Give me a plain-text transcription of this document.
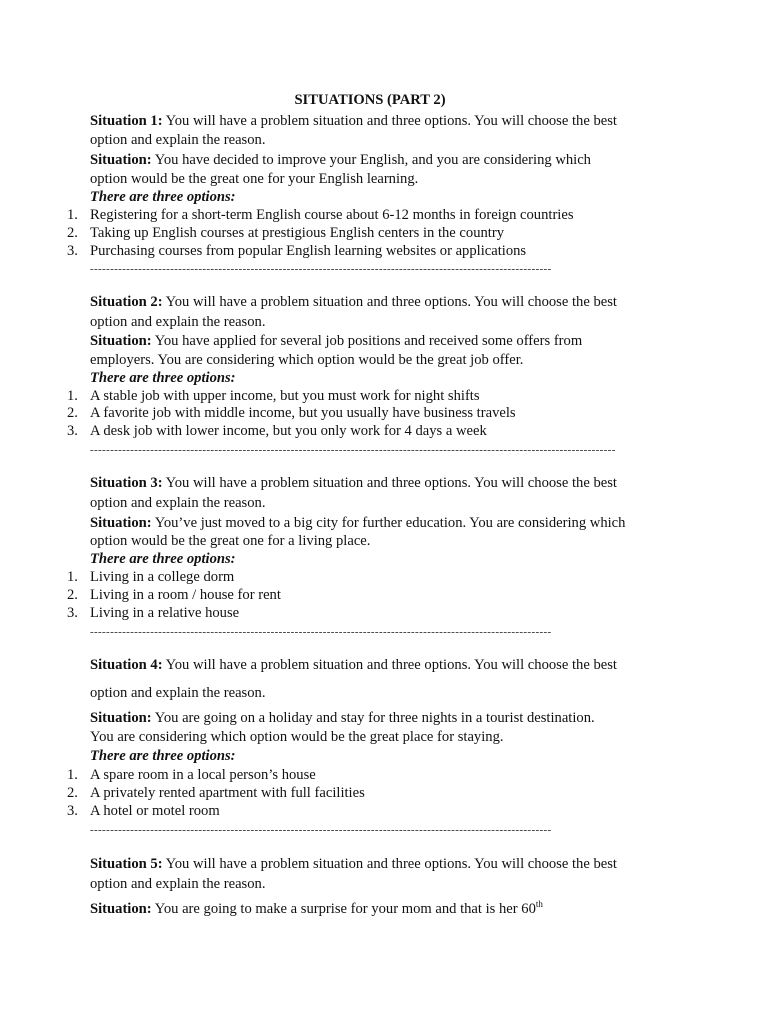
SITUATIONS (PART 2)
Situation 1: You will have a problem situation and three options. You will choose the best
option and explain the reason.
Situation: You have decided to improve your English, and you are considering which
option would be the great one for your English learning.
There are three options:
1. Registering for a short-term English course about 6-12 months in foreign countries
2. Taking up English courses at prestigious English centers in the country
3. Purchasing courses from popular English learning websites or applications
-------------------------------------------------------------------------------------------------------------------
Situation 2: You will have a problem situation and three options. You will choose the best
option and explain the reason.
Situation: You have applied for several job positions and received some offers from
employers. You are considering which option would be the great job offer.
There are three options:
1. A stable job with upper income, but you must work for night shifts
2. A favorite job with middle income, but you usually have business travels
3. A desk job with lower income, but you only work for 4 days a week
-----------------------------------------------------------------------------------------------------------------------------------
Situation 3: You will have a problem situation and three options. You will choose the best
option and explain the reason.
Situation: You’ve just moved to a big city for further education. You are considering which
option would be the great one for a living place.
There are three options:
1. Living in a college dorm
2. Living in a room / house for rent
3. Living in a relative house
-------------------------------------------------------------------------------------------------------------------
Situation 4: You will have a problem situation and three options. You will choose the best
option and explain the reason.
Situation: You are going on a holiday and stay for three nights in a tourist destination.
You are considering which option would be the great place for staying.
There are three options:
1. A spare room in a local person’s house
2. A privately rented apartment with full facilities
3. A hotel or motel room
-------------------------------------------------------------------------------------------------------------------
Situation 5: You will have a problem situation and three options. You will choose the best
option and explain the reason.
Situation: You are going to make a surprise for your mom and that is her 60th
